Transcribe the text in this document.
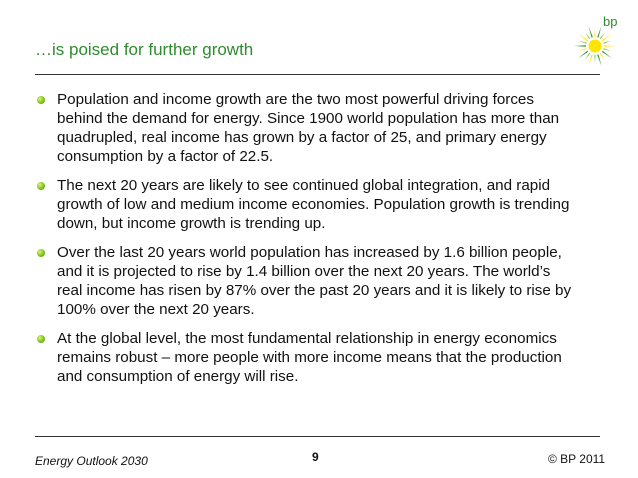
bp
…is poised for further growth
Population and income growth are the two most powerful driving forces behind the demand for energy. Since 1900 world population has more than quadrupled, real income has grown by a factor of 25, and primary energy consumption by a factor of 22.5.
The next 20 years are likely to see continued global integration, and rapid growth of low and medium income economies. Population growth is trending down, but income growth is trending up.
Over the last 20 years world population has increased by 1.6 billion people, and it is projected to rise by 1.4 billion over the next 20 years. The world’s real income has risen by 87% over the past 20 years and it is likely to rise by 100% over the next 20 years.
At the global level, the most fundamental relationship in energy economics remains robust – more people with more income means that the production and consumption of energy will rise.
Energy Outlook 2030	9	© BP 2011
